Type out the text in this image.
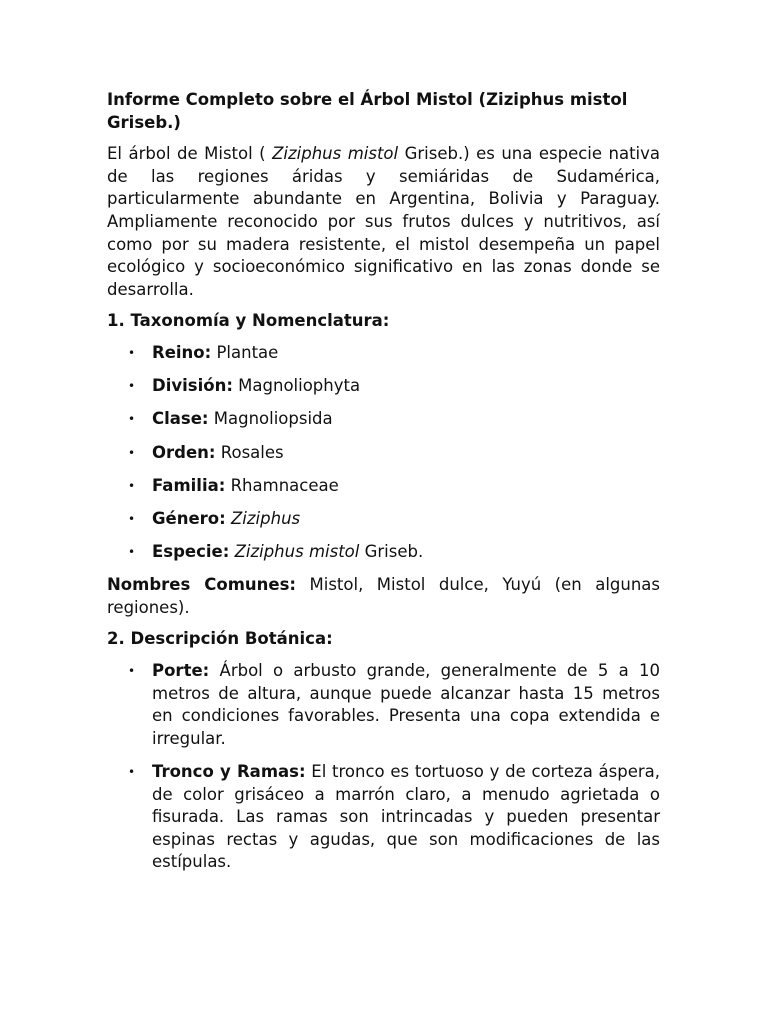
Informe Completo sobre el Árbol Mistol (Ziziphus mistol Griseb.)
El árbol de Mistol ( Ziziphus mistol Griseb.) es una especie nativa de las regiones áridas y semiáridas de Sudamérica, particularmente abundante en Argentina, Bolivia y Paraguay. Ampliamente reconocido por sus frutos dulces y nutritivos, así como por su madera resistente, el mistol desempeña un papel ecológico y socioeconómico significativo en las zonas donde se desarrolla.
1. Taxonomía y Nomenclatura:
• Reino: Plantae
• División: Magnoliophyta
• Clase: Magnoliopsida
• Orden: Rosales
• Familia: Rhamnaceae
• Género: Ziziphus
• Especie: Ziziphus mistol Griseb.
Nombres Comunes: Mistol, Mistol dulce, Yuyú (en algunas regiones).
2. Descripción Botánica:
• Porte: Árbol o arbusto grande, generalmente de 5 a 10 metros de altura, aunque puede alcanzar hasta 15 metros en condiciones favorables. Presenta una copa extendida e irregular.
• Tronco y Ramas: El tronco es tortuoso y de corteza áspera, de color grisáceo a marrón claro, a menudo agrietada o fisurada. Las ramas son intrincadas y pueden presentar espinas rectas y agudas, que son modificaciones de las estípulas.
